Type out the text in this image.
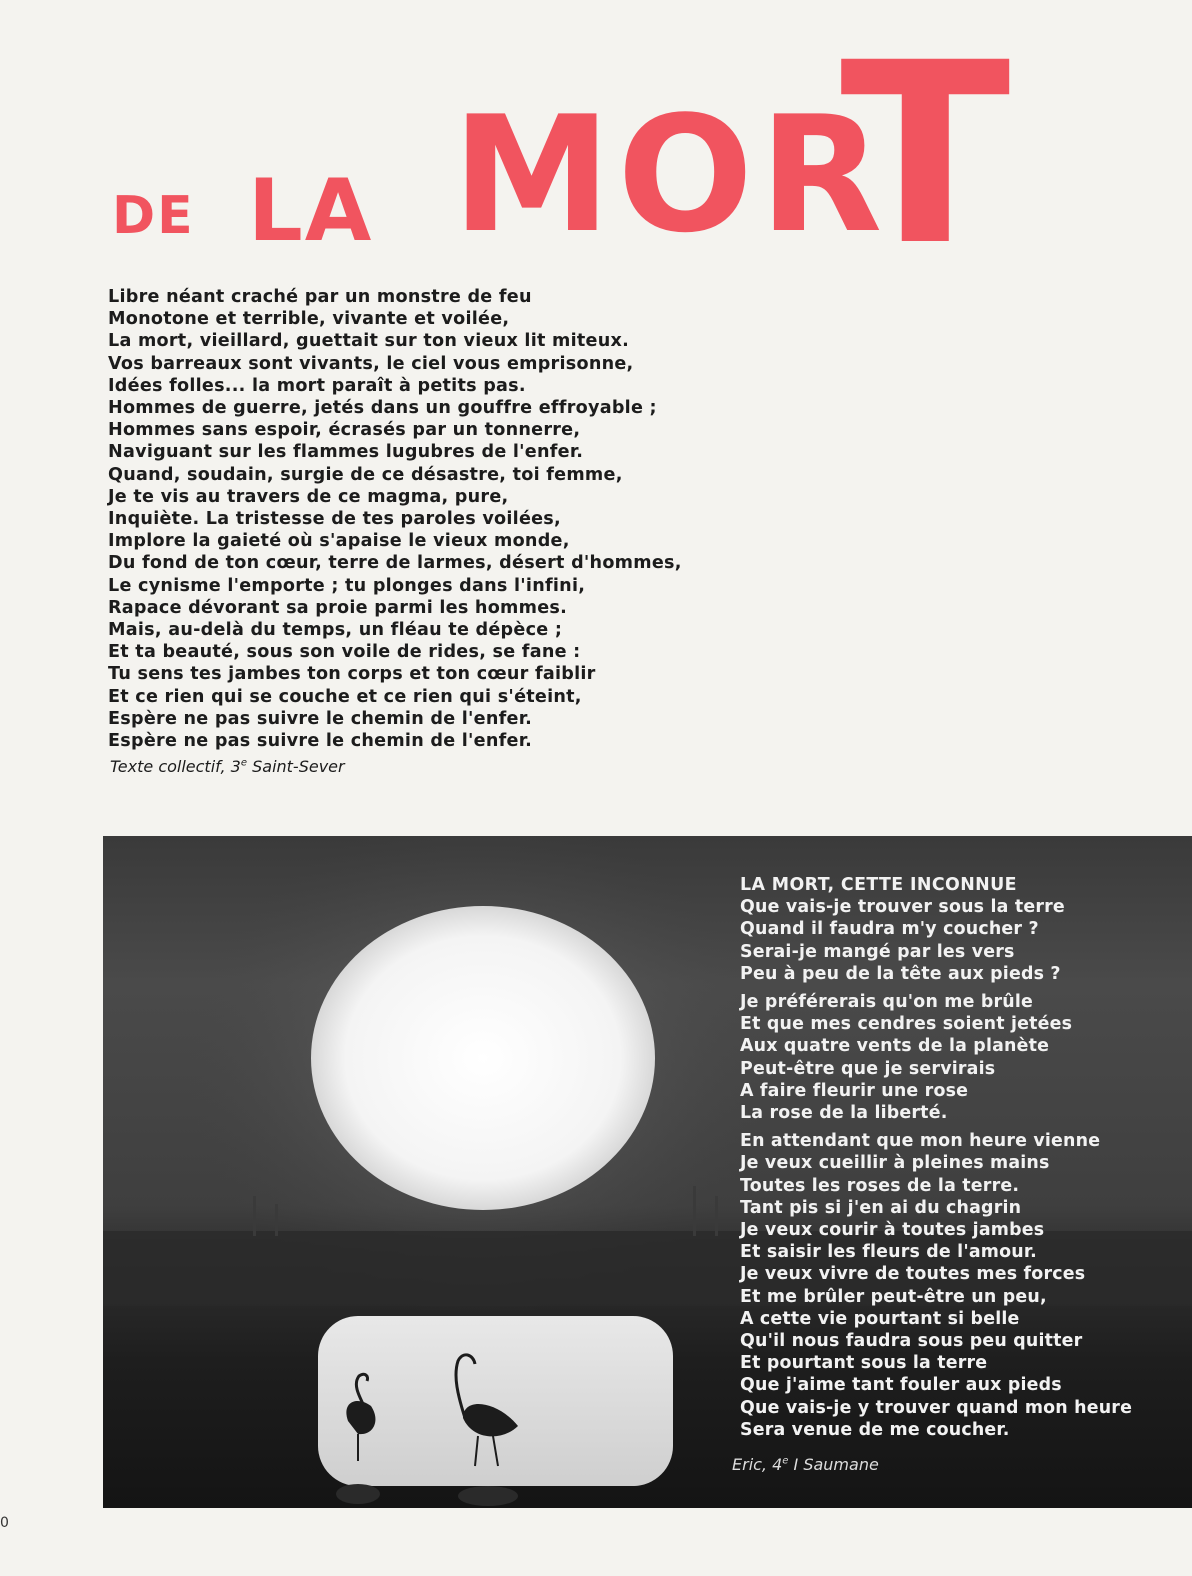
DE LA MOR
T
Libre néant craché par un monstre de feu
Monotone et terrible, vivante et voilée,
La mort, vieillard, guettait sur ton vieux lit miteux.
Vos barreaux sont vivants, le ciel vous emprisonne,
Idées folles... la mort paraît à petits pas.
Hommes de guerre, jetés dans un gouffre effroyable ;
Hommes sans espoir, écrasés par un tonnerre,
Naviguant sur les flammes lugubres de l'enfer.
Quand, soudain, surgie de ce désastre, toi femme,
Je te vis au travers de ce magma, pure,
Inquiète. La tristesse de tes paroles voilées,
Implore la gaieté où s'apaise le vieux monde,
Du fond de ton cœur, terre de larmes, désert d'hommes,
Le cynisme l'emporte ; tu plonges dans l'infini,
Rapace dévorant sa proie parmi les hommes.
Mais, au-delà du temps, un fléau te dépèce ;
Et ta beauté, sous son voile de rides, se fane :
Tu sens tes jambes ton corps et ton cœur faiblir
Et ce rien qui se couche et ce rien qui s'éteint,
Espère ne pas suivre le chemin de l'enfer.
Espère ne pas suivre le chemin de l'enfer.
Texte collectif, 3e Saint-Sever
LA MORT, CETTE INCONNUE
Que vais-je trouver sous la terre
Quand il faudra m'y coucher ?
Serai-je mangé par les vers
Peu à peu de la tête aux pieds ?
Je préférerais qu'on me brûle
Et que mes cendres soient jetées
Aux quatre vents de la planète
Peut-être que je servirais
A faire fleurir une rose
La rose de la liberté.
En attendant que mon heure vienne
Je veux cueillir à pleines mains
Toutes les roses de la terre.
Tant pis si j'en ai du chagrin
Je veux courir à toutes jambes
Et saisir les fleurs de l'amour.
Je veux vivre de toutes mes forces
Et me brûler peut-être un peu,
A cette vie pourtant si belle
Qu'il nous faudra sous peu quitter
Et pourtant sous la terre
Que j'aime tant fouler aux pieds
Que vais-je y trouver quand mon heure
Sera venue de me coucher.
Eric, 4e I Saumane
0
